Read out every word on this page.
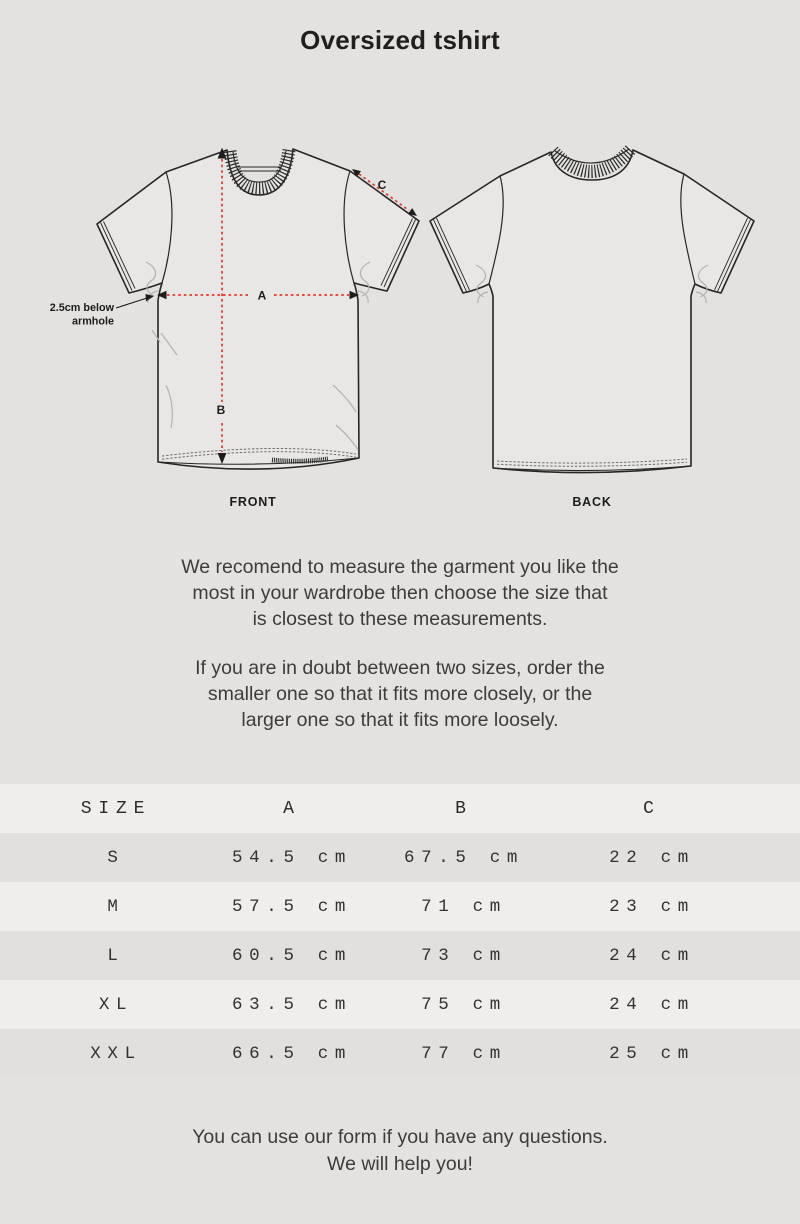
Oversized tshirt
A
B
C
2.5cm below
armhole
FRONT	BACK
We recomend to measure the garment you like the
most in your wardrobe then choose the size that
is closest to these measurements.
If you are in doubt between two sizes, order the
smaller one so that it fits more closely, or the
larger one so that it fits more loosely.
SIZE	A	B	C
S	54.5 cm	67.5 cm	22 cm
M	57.5 cm	71 cm	23 cm
L	60.5 cm	73 cm	24 cm
XL	63.5 cm	75 cm	24 cm
XXL	66.5 cm	77 cm	25 cm
You can use our form if you have any questions.
We will help you!
